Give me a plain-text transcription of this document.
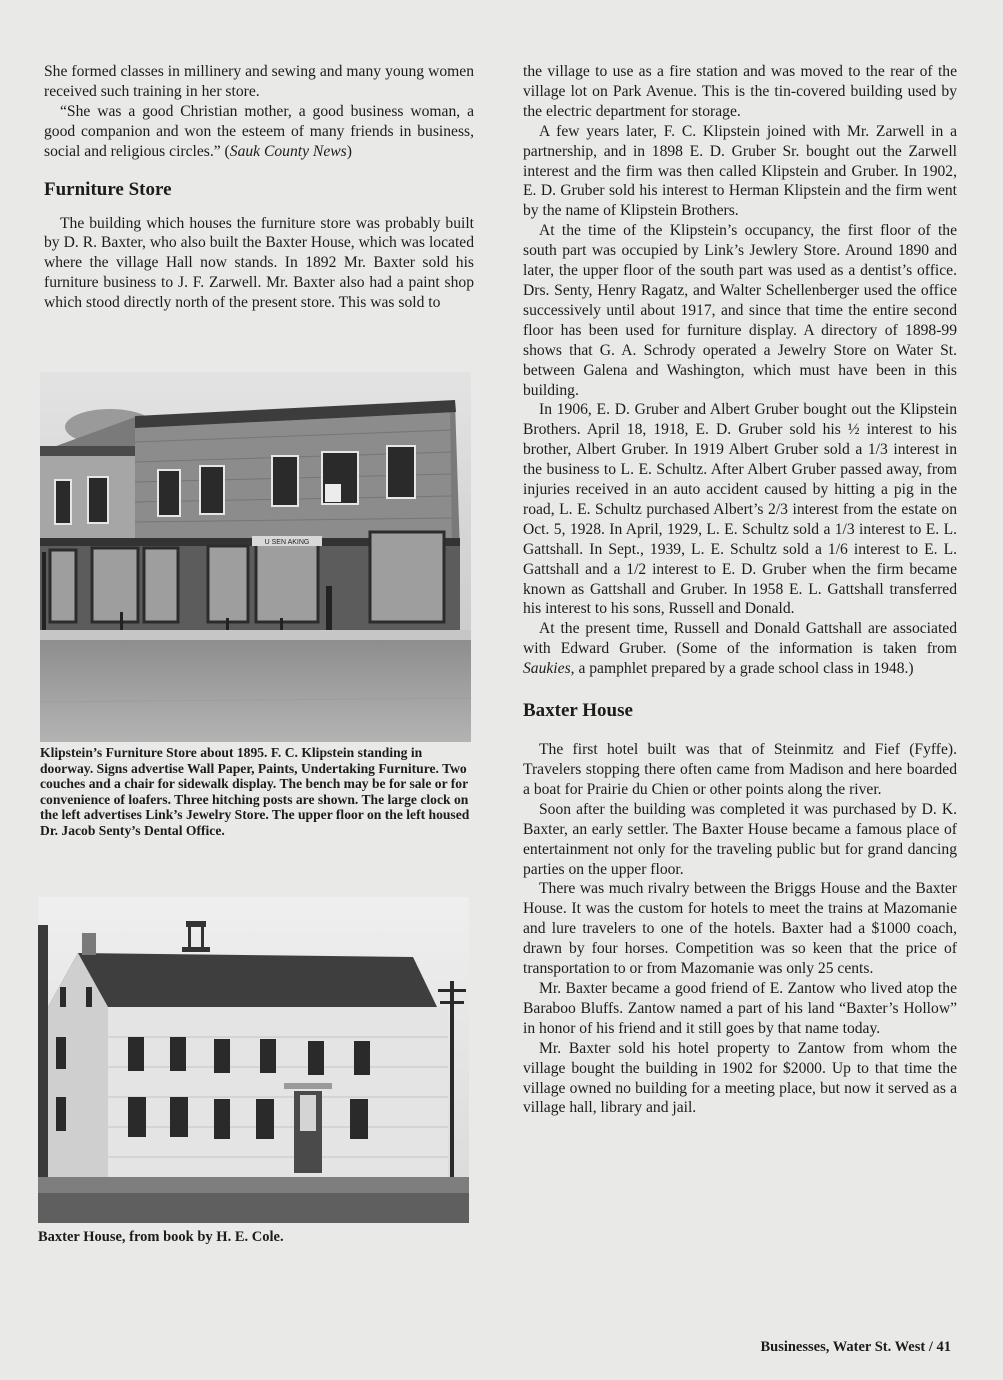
She formed classes in millinery and sewing and many young women received such training in her store.

“She was a good Christian mother, a good business woman, a good companion and won the esteem of many friends in business, social and religious circles.” (Sauk County News)

Furniture Store

The building which houses the furniture store was probably built by D. R. Baxter, who also built the Baxter House, which was located where the village Hall now stands. In 1892 Mr. Baxter sold his furniture business to J. F. Zarwell. Mr. Baxter also had a paint shop which stood directly north of the present store. This was sold to

U SEN AKING

Klipstein’s Furniture Store about 1895. F. C. Klipstein standing in doorway. Signs advertise Wall Paper, Paints, Undertaking Furniture. Two couches and a chair for sidewalk display. The bench may be for sale or for convenience of loafers. Three hitching posts are shown. The large clock on the left advertises Link’s Jewelry Store. The upper floor on the left housed Dr. Jacob Senty’s Dental Office.

Baxter House, from book by H. E. Cole.

the village to use as a fire station and was moved to the rear of the village lot on Park Avenue. This is the tin-covered building used by the electric department for storage.

A few years later, F. C. Klipstein joined with Mr. Zarwell in a partnership, and in 1898 E. D. Gruber Sr. bought out the Zarwell interest and the firm was then called Klipstein and Gruber. In 1902, E. D. Gruber sold his interest to Herman Klipstein and the firm went by the name of Klipstein Brothers.

At the time of the Klipstein’s occupancy, the first floor of the south part was occupied by Link’s Jewlery Store. Around 1890 and later, the upper floor of the south part was used as a dentist’s office. Drs. Senty, Henry Ragatz, and Walter Schellenberger used the office successively until about 1917, and since that time the entire second floor has been used for furniture display. A directory of 1898-99 shows that G. A. Schrody operated a Jewelry Store on Water St. between Galena and Washington, which must have been in this building.

In 1906, E. D. Gruber and Albert Gruber bought out the Klipstein Brothers. April 18, 1918, E. D. Gruber sold his ½ interest to his brother, Albert Gruber. In 1919 Albert Gruber sold a 1/3 interest in the business to L. E. Schultz. After Albert Gruber passed away, from injuries received in an auto accident caused by hitting a pig in the road, L. E. Schultz purchased Albert’s 2/3 interest from the estate on Oct. 5, 1928. In April, 1929, L. E. Schultz sold a 1/3 interest to E. L. Gattshall. In Sept., 1939, L. E. Schultz sold a 1/6 interest to E. L. Gattshall and a 1/2 interest to E. D. Gruber when the firm became known as Gattshall and Gruber. In 1958 E. L. Gattshall transferred his interest to his sons, Russell and Donald.

At the present time, Russell and Donald Gattshall are associated with Edward Gruber. (Some of the information is taken from Saukies, a pamphlet prepared by a grade school class in 1948.)

Baxter House

The first hotel built was that of Steinmitz and Fief (Fyffe). Travelers stopping there often came from Madison and here boarded a boat for Prairie du Chien or other points along the river.

Soon after the building was completed it was purchased by D. K. Baxter, an early settler. The Baxter House became a famous place of entertainment not only for the traveling public but for grand dancing parties on the upper floor.

There was much rivalry between the Briggs House and the Baxter House. It was the custom for hotels to meet the trains at Mazomanie and lure travelers to one of the hotels. Baxter had a $1000 coach, drawn by four horses. Competition was so keen that the price of transportation to or from Mazomanie was only 25 cents.

Mr. Baxter became a good friend of E. Zantow who lived atop the Baraboo Bluffs. Zantow named a part of his land “Baxter’s Hollow” in honor of his friend and it still goes by that name today.

Mr. Baxter sold his hotel property to Zantow from whom the village bought the building in 1902 for $2000. Up to that time the village owned no building for a meeting place, but now it served as a village hall, library and jail.

Businesses, Water St. West / 41
